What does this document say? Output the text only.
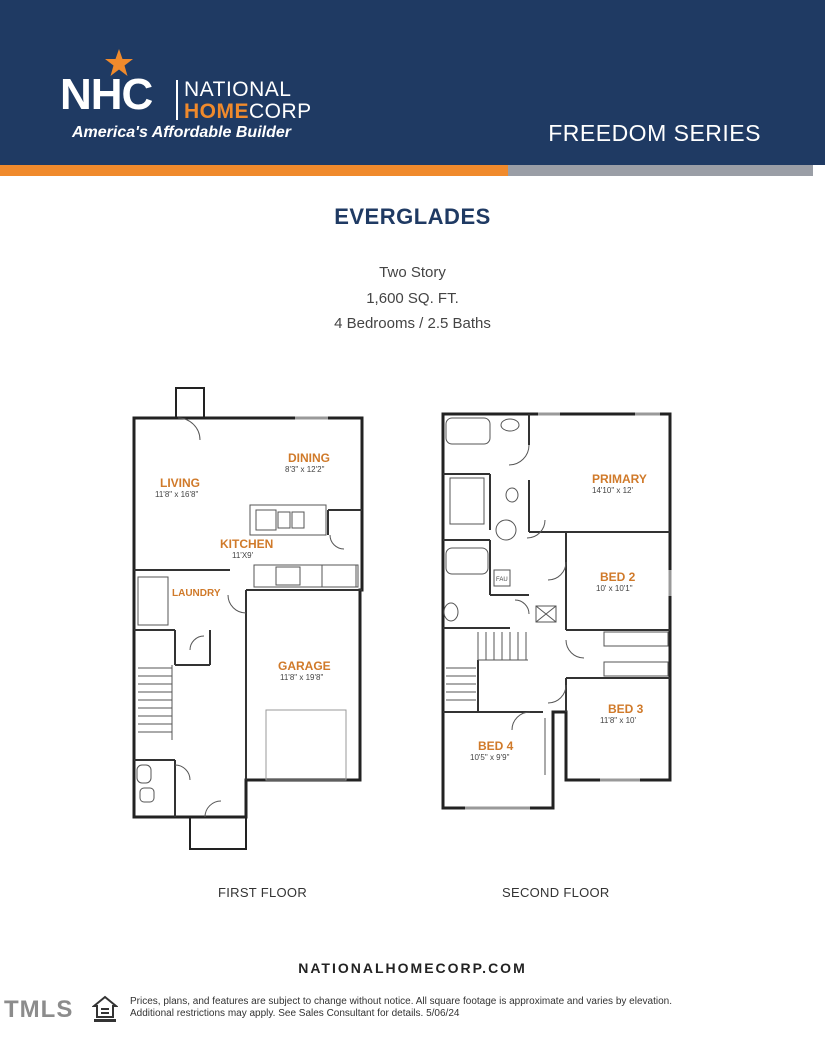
NHC NATIONAL
HOMECORP
America's Affordable Builder	FREEDOM SERIES
EVERGLADES
Two Story
1,600 SQ. FT.
4 Bedrooms / 2.5 Baths
LIVING
11'8" x 16'8"
DINING
8'3" x 12'2"
KITCHEN
11'X9'
LAUNDRY
GARAGE
11'8" x 19'8"
FAU
PRIMARY
14'10" x 12'
BED 2
10' x 10'1"
BED 3
11'8" x 10'
BED 4
10'5" x 9'9"
FIRST FLOOR	SECOND FLOOR
NATIONALHOMECORP.COM
TMLS	Prices, plans, and features are subject to change without notice. All square footage is approximate and varies by elevation.
Additional restrictions may apply. See Sales Consultant for details. 5/06/24
